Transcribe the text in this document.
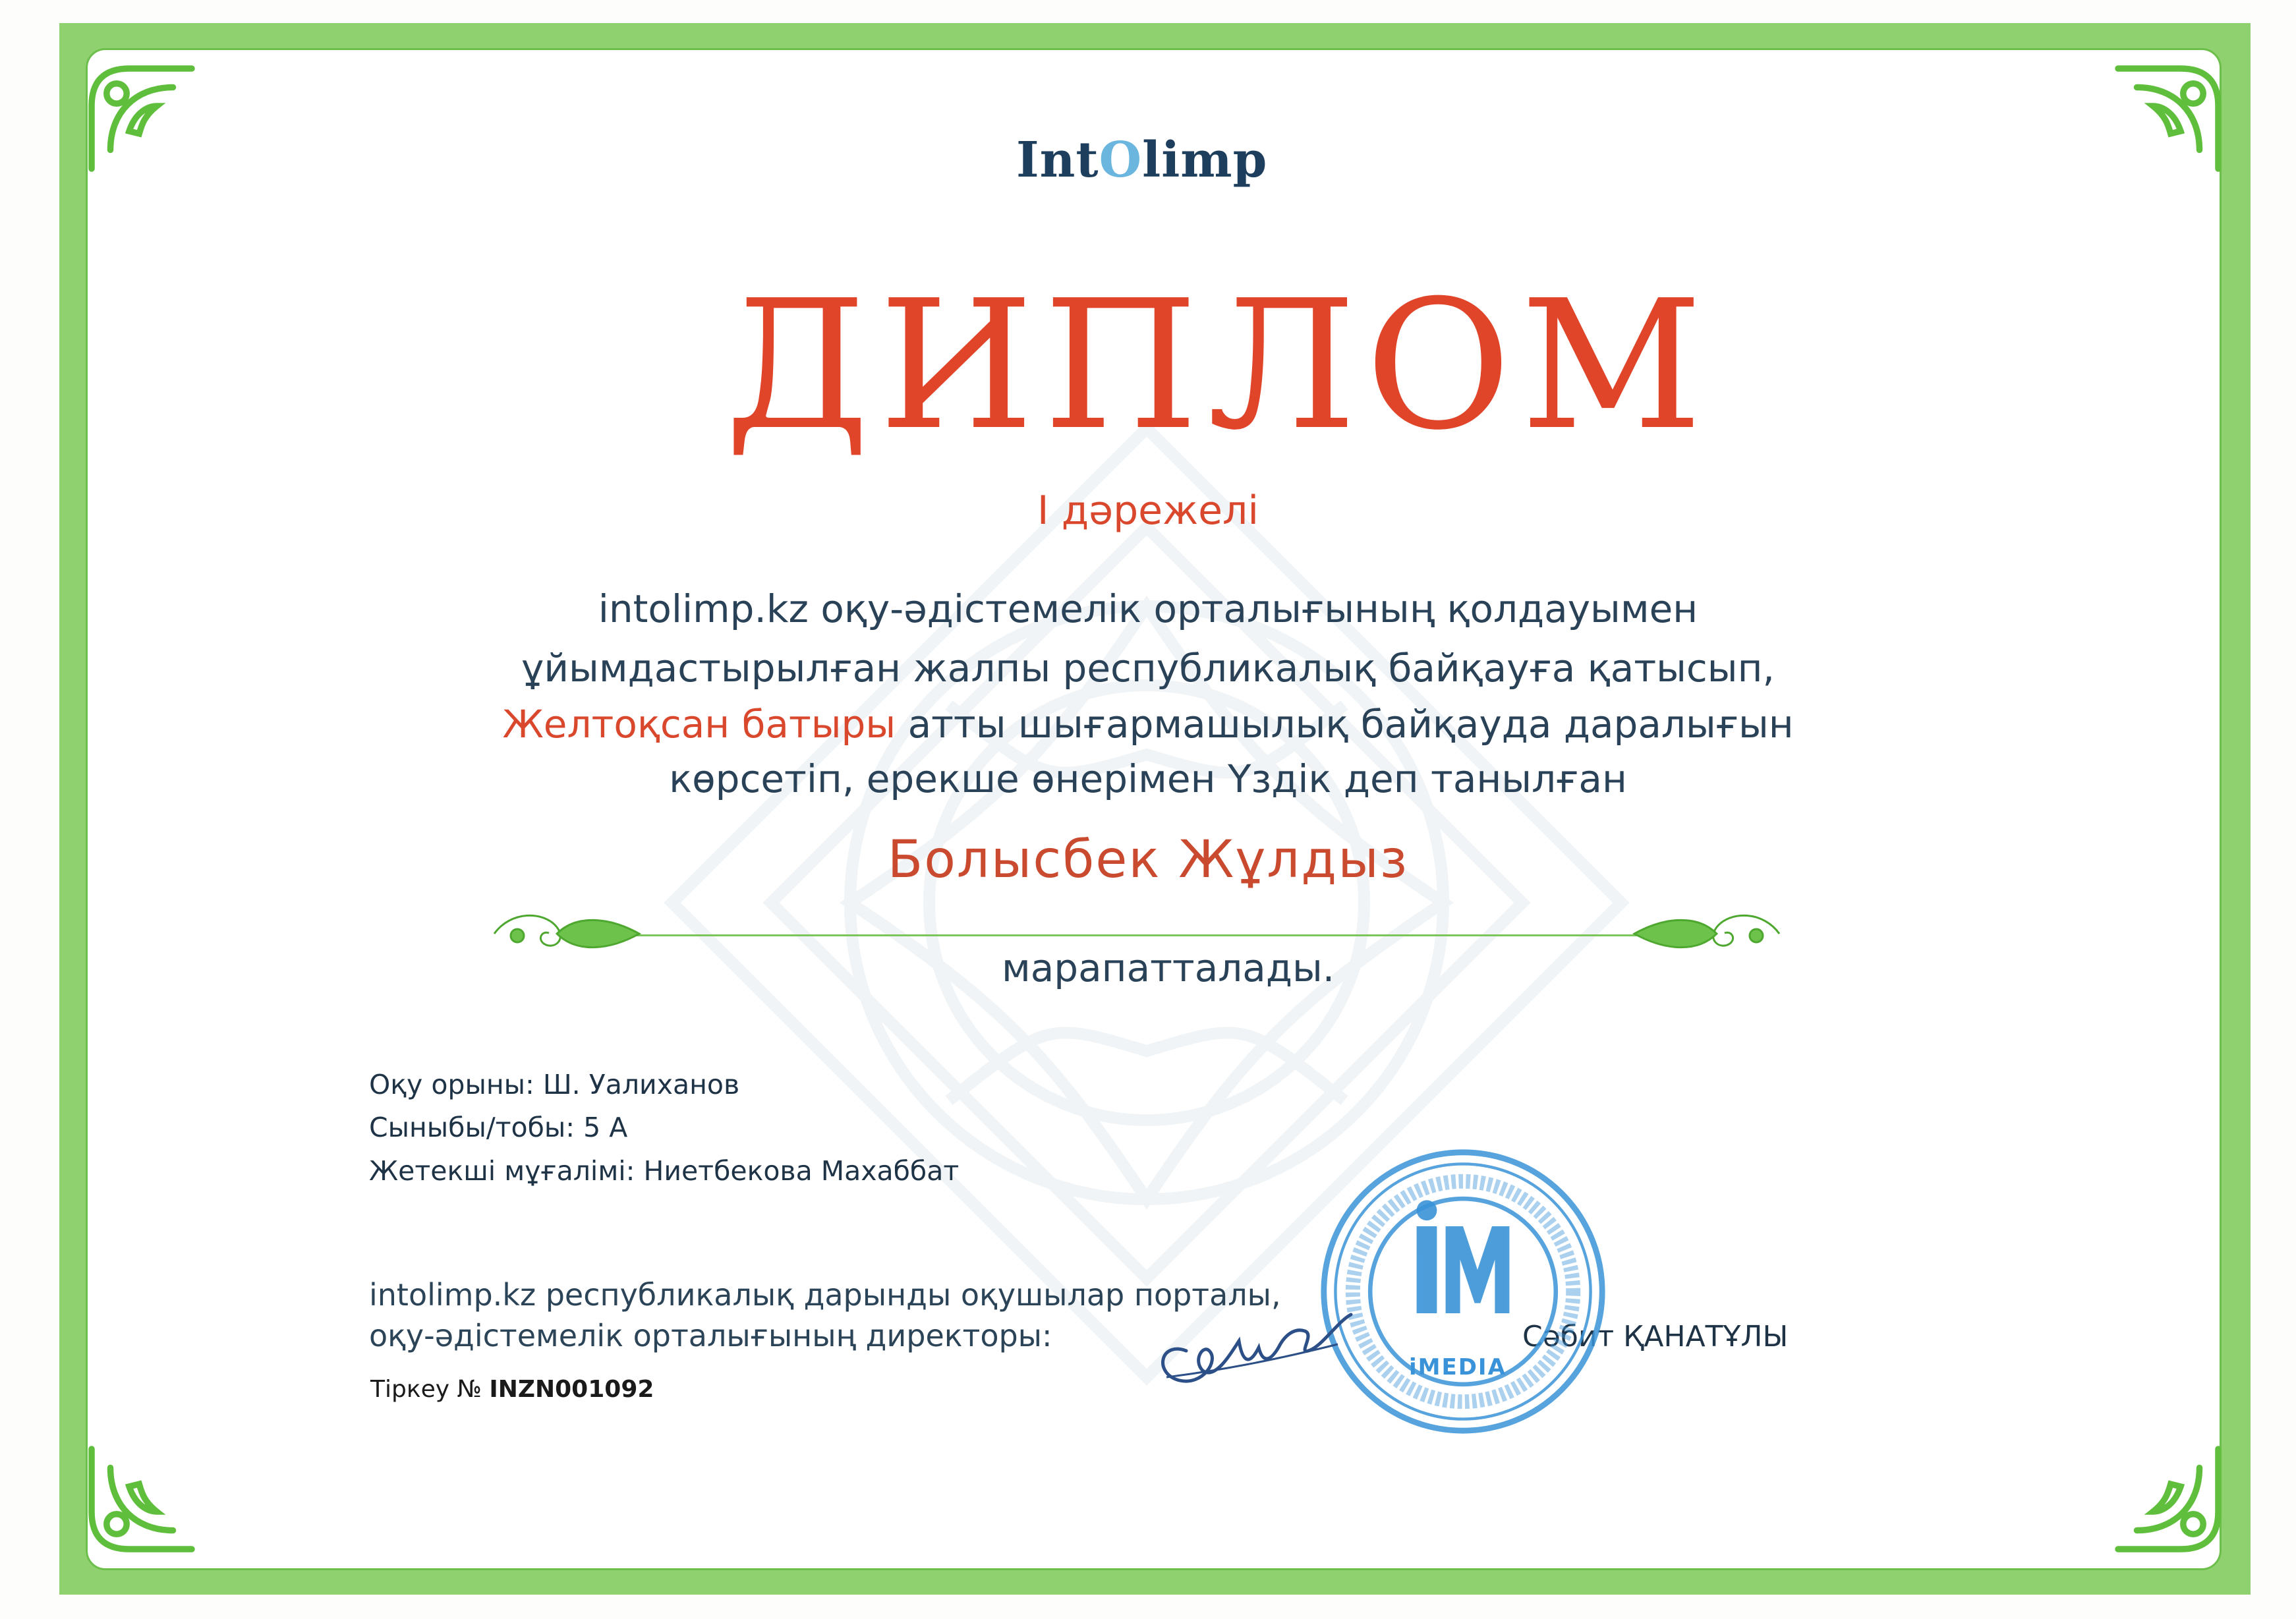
IntOlimp
ДИПЛОМ
І дәрежелі
intolimp.kz оқу-әдістемелік орталығының қолдауымен
ұйымдастырылған жалпы республикалық байқауға қатысып,
Желтоқсан батыры атты шығармашылық байқауда даралығын
көрсетіп, ерекше өнерімен Үздік деп танылған
Болысбек Жұлдыз
марапатталады.
Оқу орыны: Ш. Уалиханов
Сыныбы/тобы: 5 А
Жетекші мұғалімі: Ниетбекова Махаббат
intolimp.kz республикалық дарынды оқушылар порталы,
оқу-әдістемелік орталығының директоры:
Тіркеу № INZN001092
Сәбит ҚАНАТҰЛЫ
iMEDIA
